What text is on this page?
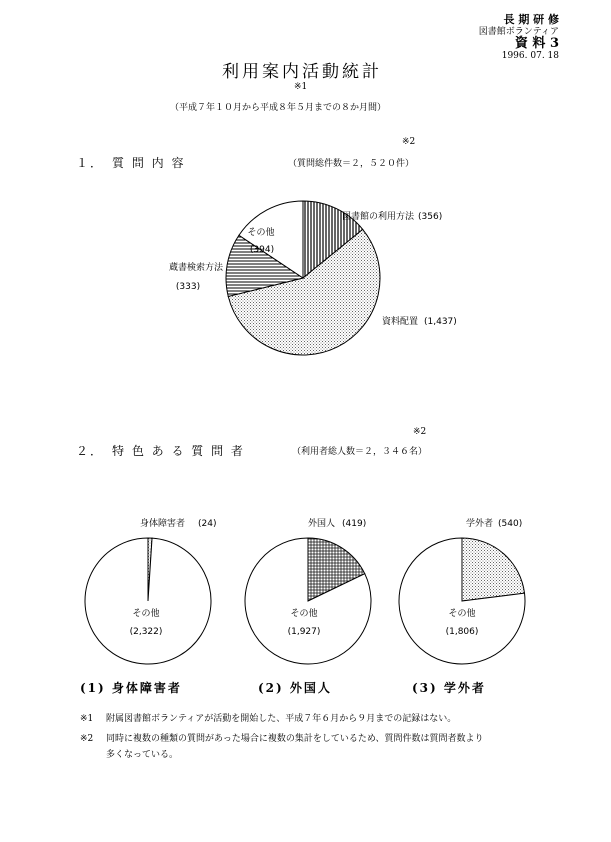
長 期 研 修
図書館ボランティア
資 料 3
1996. 07. 18
利用案内活動統計
※1
（平成７年１０月から平成８年５月までの８か月間）
※2
１．　質 問 内 容	（質問総件数＝２，５２０件）
図書館の利用方法 (356)
その他
(394)
蔵書検索方法
(333)
資料配置 (1,437)
※2
２．　特 色 あ る 質 問 者	（利用者総人数＝２，３４６名）
身体障害者 (24)
その他
(2,322)
外国人 (419)
その他
(1,927)
学外者 (540)
その他
(1,806)
(1) 身体障害者	(2) 外国人	(3) 学外者
※1 附属図書館ボランティアが活動を開始した、平成７年６月から９月までの記録はない。
※2 同時に複数の種類の質問があった場合に複数の集計をしているため、質問件数は質問者数より
多くなっている。
